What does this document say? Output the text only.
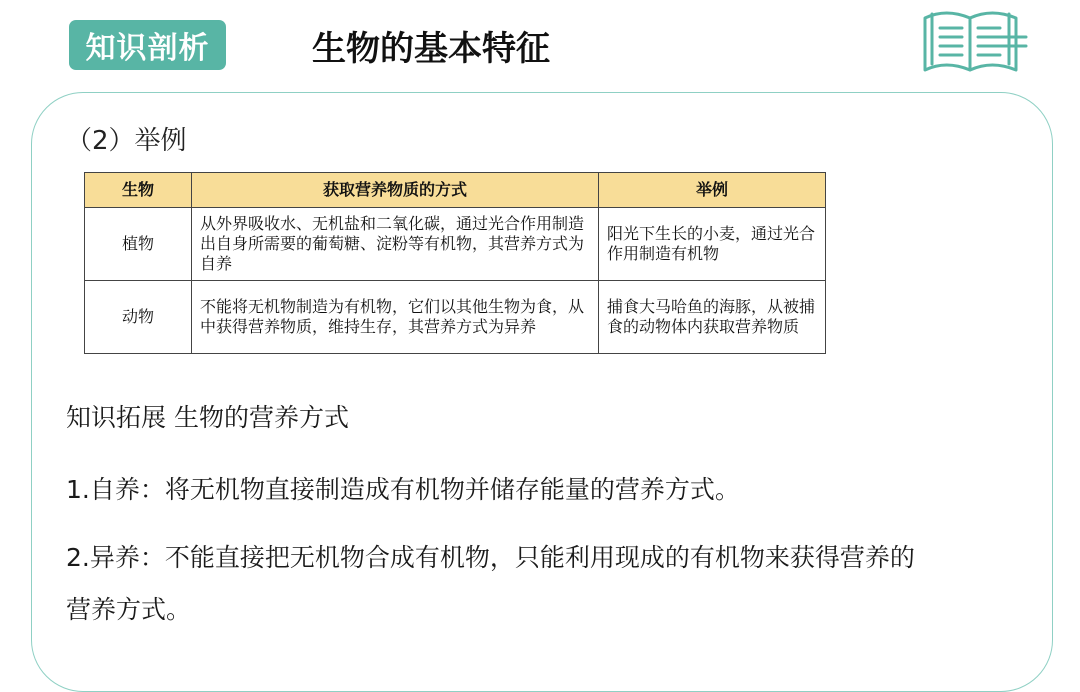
知识剖析	生物的基本特征
（2）举例
生物	获取营养物质的方式	举例
植物	从外界吸收水、无机盐和二氧化碳，通过光合作用制造出自身所需要的葡萄糖、淀粉等有机物，其营养方式为自养	阳光下生长的小麦，通过光合作用制造有机物
动物	不能将无机物制造为有机物，它们以其他生物为食，从中获得营养物质，维持生存，其营养方式为异养	捕食大马哈鱼的海豚，从被捕食的动物体内获取营养物质
知识拓展 生物的营养方式
1.自养：将无机物直接制造成有机物并储存能量的营养方式。
2.异养：不能直接把无机物合成有机物，只能利用现成的有机物来获得营养的
营养方式。
